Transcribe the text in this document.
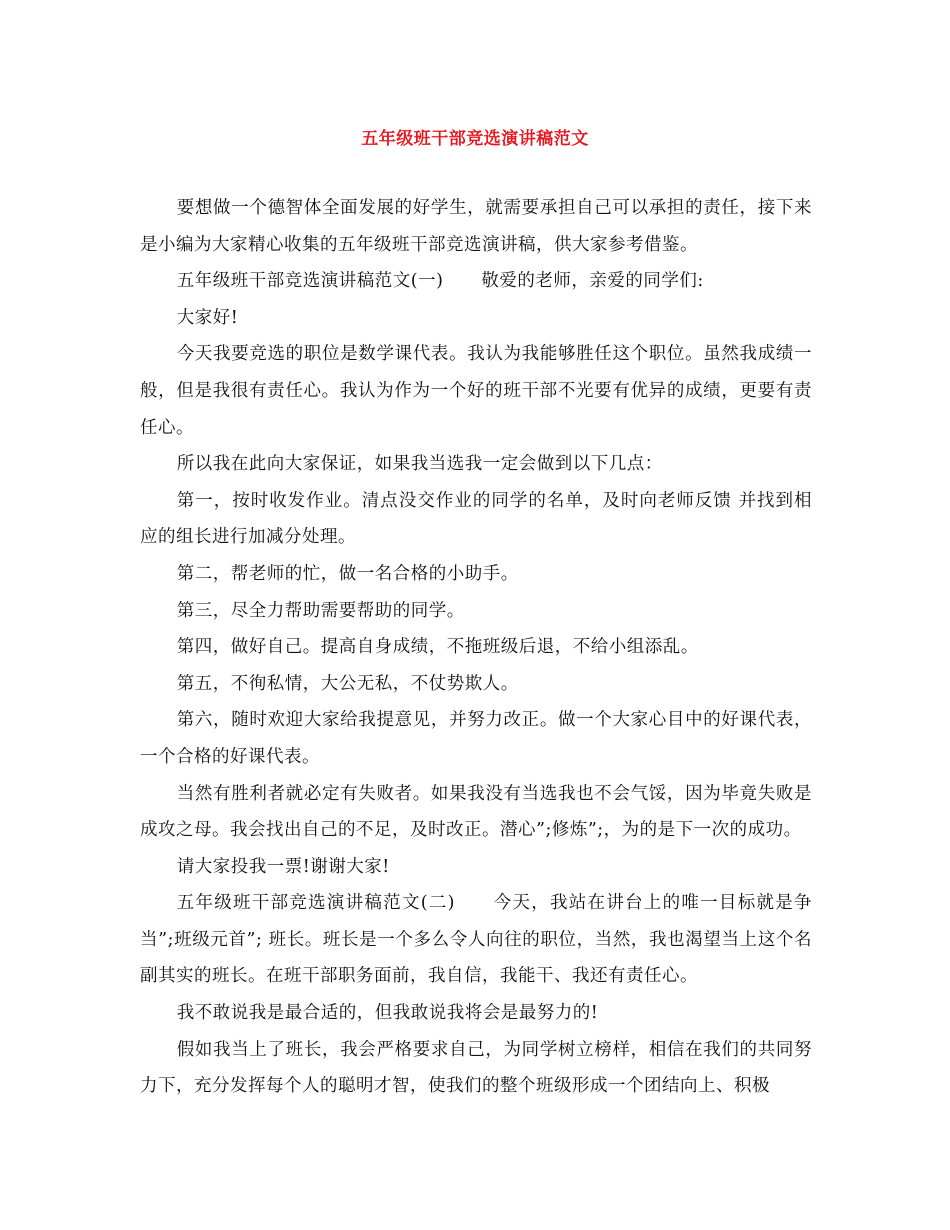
五年级班干部竞选演讲稿范文

要想做一个德智体全面发展的好学生，就需要承担自己可以承担的责任，接下来是小编为大家精心收集的五年级班干部竞选演讲稿，供大家参考借鉴。

五年级班干部竞选演讲稿范文(一) 敬爱的老师，亲爱的同学们:

大家好!

今天我要竞选的职位是数学课代表。我认为我能够胜任这个职位。虽然我成绩一般，但是我很有责任心。我认为作为一个好的班干部不光要有优异的成绩，更要有责任心。

所以我在此向大家保证，如果我当选我一定会做到以下几点：

第一，按时收发作业。清点没交作业的同学的名单，及时向老师反馈 并找到相应的组长进行加减分处理。

第二，帮老师的忙，做一名合格的小助手。

第三，尽全力帮助需要帮助的同学。

第四，做好自己。提高自身成绩，不拖班级后退，不给小组添乱。

第五，不徇私情，大公无私，不仗势欺人。

第六，随时欢迎大家给我提意见，并努力改正。做一个大家心目中的好课代表，一个合格的好课代表。

当然有胜利者就必定有失败者。如果我没有当选我也不会气馁，因为毕竟失败是成攻之母。我会找出自己的不足，及时改正。潜心”;修炼”;，为的是下一次的成功。

请大家投我一票!谢谢大家!

五年级班干部竞选演讲稿范文(二) 今天，我站在讲台上的唯一目标就是争当”;班级元首”; 班长。班长是一个多么令人向往的职位，当然，我也渴望当上这个名副其实的班长。在班干部职务面前，我自信，我能干、我还有责任心。

我不敢说我是最合适的，但我敢说我将会是最努力的!

假如我当上了班长，我会严格要求自己，为同学树立榜样，相信在我们的共同努力下，充分发挥每个人的聪明才智，使我们的整个班级形成一个团结向上、积极
